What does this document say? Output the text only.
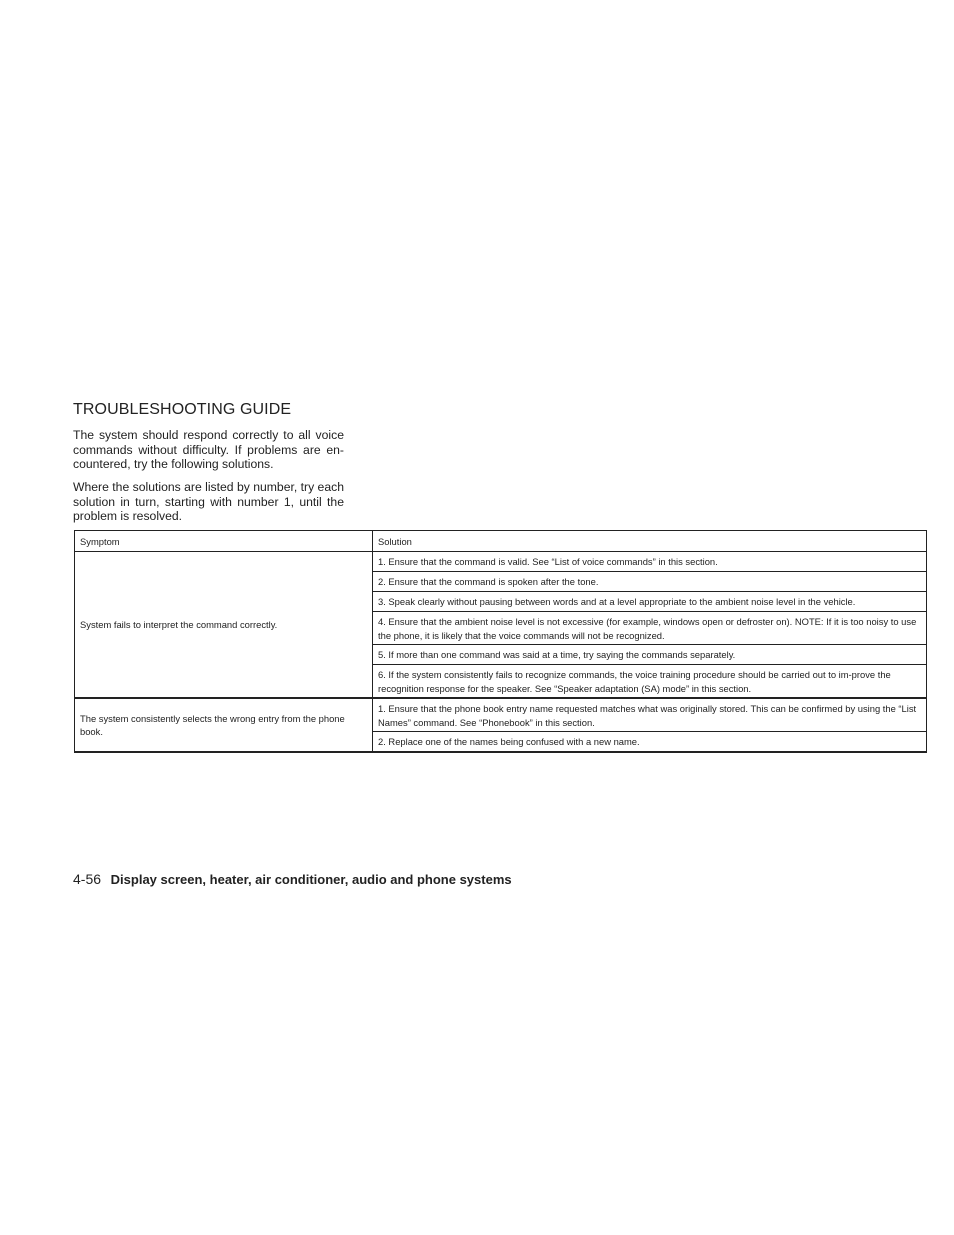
TROUBLESHOOTING GUIDE

The system should respond correctly to all voice commands without difficulty. If problems are en-countered, try the following solutions.

Where the solutions are listed by number, try each solution in turn, starting with number 1, until the problem is resolved.

Symptom	Solution
System fails to interpret the command correctly.	1. Ensure that the command is valid. See “List of voice commands” in this section.
	2. Ensure that the command is spoken after the tone.
	3. Speak clearly without pausing between words and at a level appropriate to the ambient noise level in the vehicle.
	4. Ensure that the ambient noise level is not excessive (for example, windows open or defroster on). NOTE: If it is too noisy to use the phone, it is likely that the voice commands will not be recognized.
	5. If more than one command was said at a time, try saying the commands separately.
	6. If the system consistently fails to recognize commands, the voice training procedure should be carried out to im-prove the recognition response for the speaker. See “Speaker adaptation (SA) mode” in this section.
The system consistently selects the wrong entry from the phone book.	1. Ensure that the phone book entry name requested matches what was originally stored. This can be confirmed by using the “List Names” command. See “Phonebook” in this section.
	2. Replace one of the names being confused with a new name.
4-56 Display screen, heater, air conditioner, audio and phone systems
